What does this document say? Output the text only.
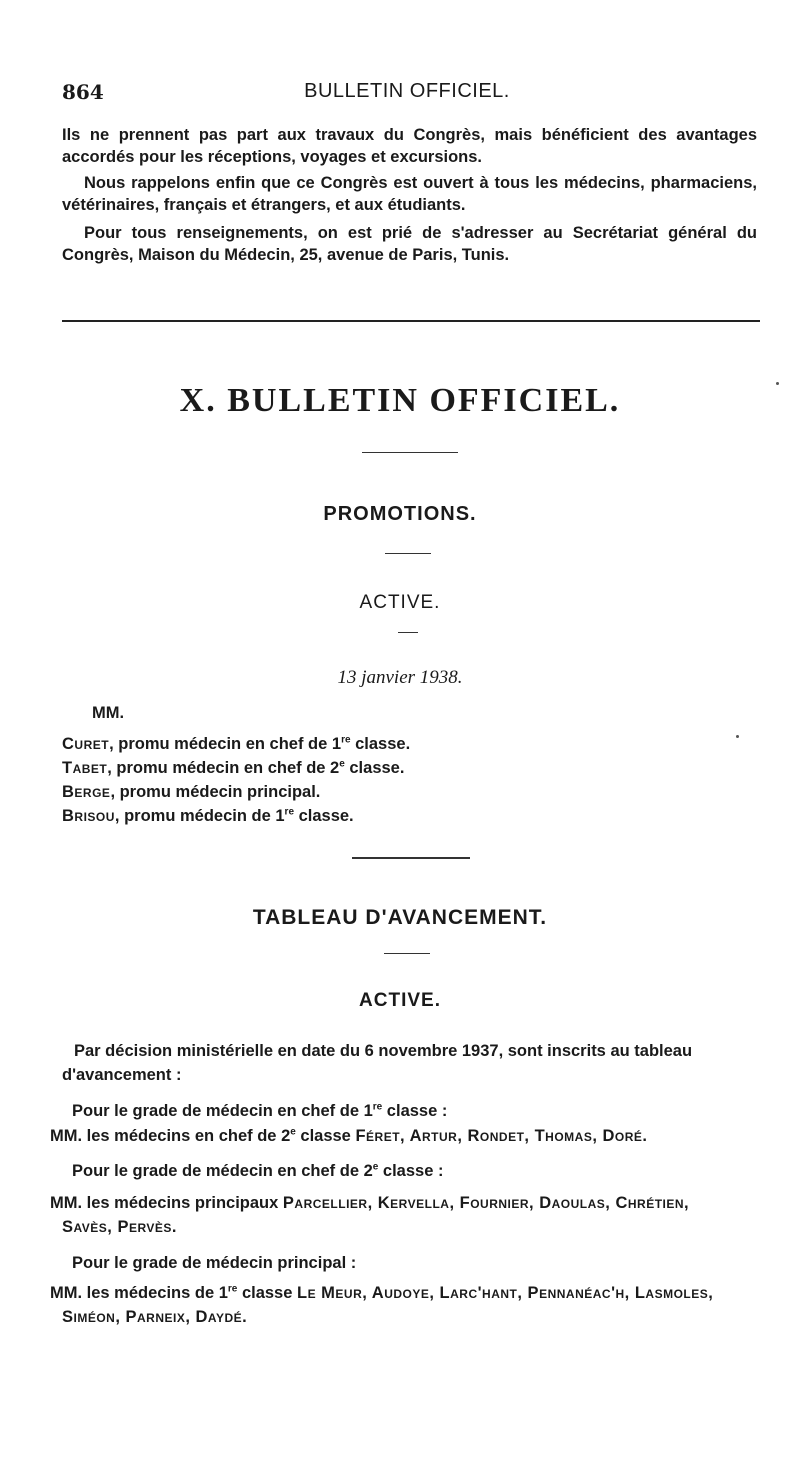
864	BULLETIN OFFICIEL.
Ils ne prennent pas part aux travaux du Congrès, mais bénéficient des avantages accordés pour les réceptions, voyages et excursions.
Nous rappelons enfin que ce Congrès est ouvert à tous les médecins, pharmaciens, vétérinaires, français et étrangers, et aux étudiants.
Pour tous renseignements, on est prié de s'adresser au Secrétariat général du Congrès, Maison du Médecin, 25, avenue de Paris, Tunis.
X. BULLETIN OFFICIEL.
PROMOTIONS.
ACTIVE.
13 janvier 1938.
MM.
Curet, promu médecin en chef de 1re classe.
Tabet, promu médecin en chef de 2e classe.
Berge, promu médecin principal.
Brisou, promu médecin de 1re classe.
TABLEAU D'AVANCEMENT.
ACTIVE.
Par décision ministérielle en date du 6 novembre 1937, sont inscrits au tableau
d'avancement :
Pour le grade de médecin en chef de 1re classe :
MM. les médecins en chef de 2e classe Féret, Artur, Rondet, Thomas, Doré.
Pour le grade de médecin en chef de 2e classe :
MM. les médecins principaux Parcellier, Kervella, Fournier, Daoulas, Chrétien,
Savès, Pervès.
Pour le grade de médecin principal :
MM. les médecins de 1re classe Le Meur, Audoye, Larc'hant, Pennanéac'h, Lasmoles,
Siméon, Parneix, Daydé.
